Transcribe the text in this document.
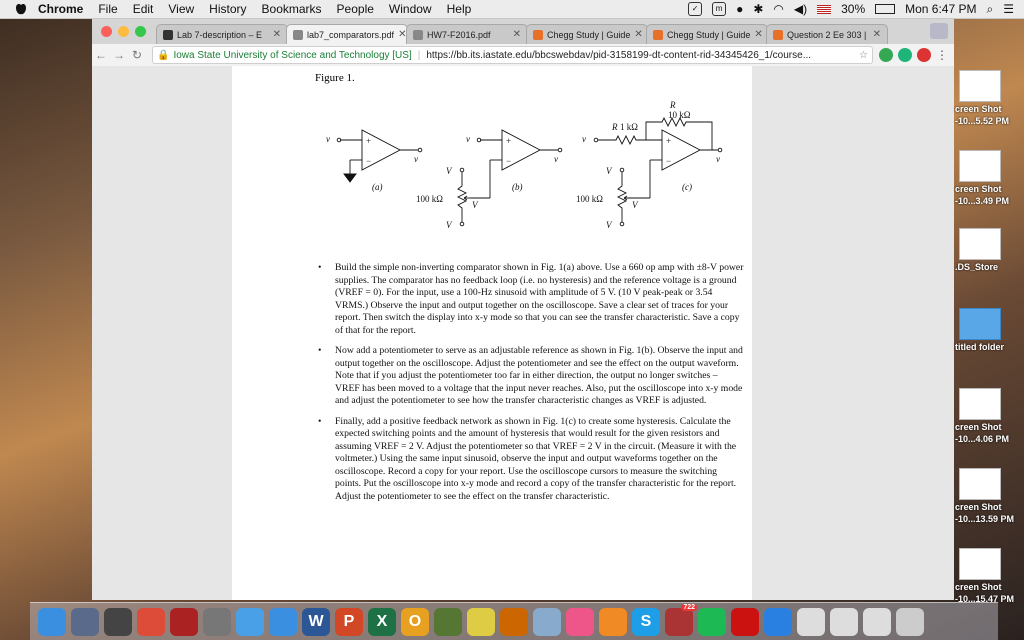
Chrome File Edit View History Bookmarks People Window Help	✓	m	● ✱ ◠ ◀)	30%	Mon 6:47 PM ⌕ ☰
Lab 7-description – E	✕	lab7_comparators.pdf ✕ HW7-F2016.pdf	✕	Chegg Study | Guide ✕	Chegg Study | Guide ✕	Question 2 Ee 303 | ✕
← → ↻	🔒 Iowa State University of Science and Technology [US] | https://bb.its.iastate.edu/bbcswebdav/pid-3158199-dt-content-rid-34345426_1/course...	☆	⋮
Figure 1.
v	+
−	v
(a)
v	+
−	v
V
V
100 kΩ
V
(b)
v
R 1 kΩ
R
10 kΩ
+
−	v
V
V
100 kΩ
V
(c)
• Build the simple non-inverting comparator shown in Fig. 1(a) above. Use a 660 op amp with ±8-V power supplies. The comparator has no feedback loop (i.e. no hysteresis) and the reference voltage is a ground (VREF = 0). For the input, use a 100-Hz sinusoid with amplitude of 5 V. (10 V peak-peak or 3.54 VRMS.) Observe the input and output together on the oscilloscope. Save a clear set of traces for your report. Then switch the display into x-y mode so that you can see the transfer characteristic. Save a copy of that for the report.
• Now add a potentiometer to serve as an adjustable reference as shown in Fig. 1(b). Observe the input and output together on the oscilloscope. Adjust the potentiometer and see the effect on the output waveform. Note that if you adjust the potentiometer too far in either direction, the output no longer switches – VREF has been moved to a voltage that the input never reaches. Also, put the oscilloscope into x-y mode and adjust the potentiometer to see how the transfer characteristic changes as VREF is adjusted.
• Finally, add a positive feedback network as shown in Fig. 1(c) to create some hysteresis. Calculate the expected switching points and the amount of hysteresis that would result for the given resistors and assuming VREF = 2 V. Adjust the potentiometer so that VREF = 2 V in the circuit. (Measure it with the voltmeter.) Using the same input sinusoid, observe the input and output waveforms together on the oscilloscope. Record a copy for your report. Use the oscilloscope cursors to measure the switching points. Put the oscilloscope into x-y mode and record a copy of the transfer characteristic for the report. Adjust the potentiometer to see the effect on the transfer characteristic.
creen Shot
-10...5.52 PM
creen Shot
-10...3.49 PM
.DS_Store
titled folder
creen Shot
-10...4.06 PM
creen Shot
-10...13.59 PM
creen Shot
-10...15.47 PM
W	P	X	O	S
722
